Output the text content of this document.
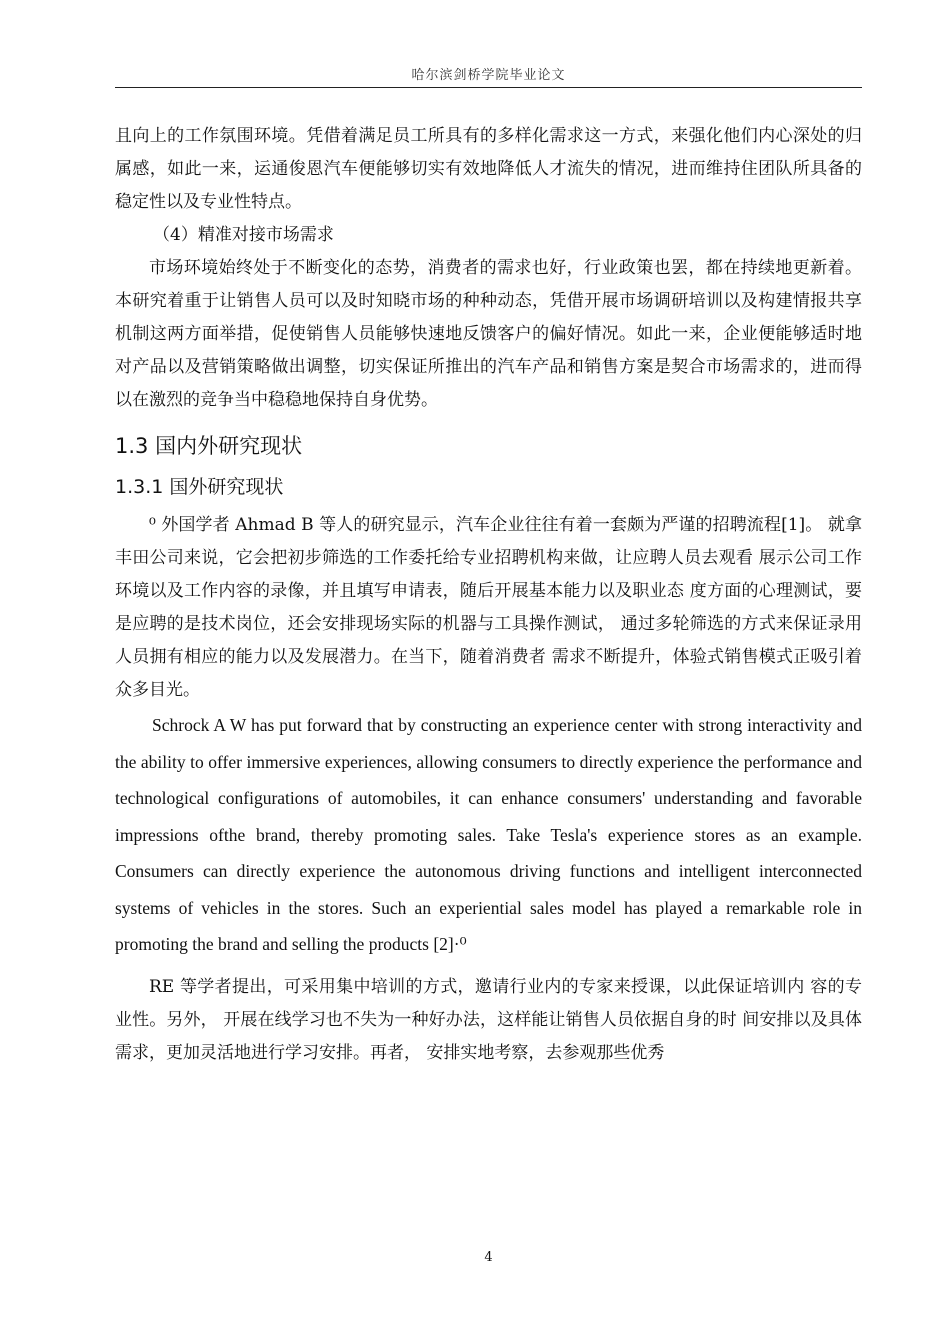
哈尔滨剑桥学院毕业论文

且向上的工作氛围环境。凭借着满足员工所具有的多样化需求这一方式，来强化他们内心深处的归属感，如此一来，运通俊恩汽车便能够切实有效地降低人才流失的情况，进而维持住团队所具备的稳定性以及专业性特点。

（4）精准对接市场需求

市场环境始终处于不断变化的态势，消费者的需求也好，行业政策也罢，都在持续地更新着。本研究着重于让销售人员可以及时知晓市场的种种动态，凭借开展市场调研培训以及构建情报共享机制这两方面举措，促使销售人员能够快速地反馈客户的偏好情况。如此一来，企业便能够适时地对产品以及营销策略做出调整，切实保证所推出的汽车产品和销售方案是契合市场需求的，进而得以在激烈的竞争当中稳稳地保持自身优势。

1.3 国内外研究现状
1.3.1 国外研究现状

⁰ 外国学者 Ahmad B 等人的研究显示，汽车企业往往有着一套颇为严谨的招聘流程[1]。 就拿丰田公司来说，它会把初步筛选的工作委托给专业招聘机构来做，让应聘人员去观看 展示公司工作环境以及工作内容的录像，并且填写申请表，随后开展基本能力以及职业态 度方面的心理测试，要是应聘的是技术岗位，还会安排现场实际的机器与工具操作测试， 通过多轮筛选的方式来保证录用人员拥有相应的能力以及发展潜力。在当下，随着消费者 需求不断提升，体验式销售模式正吸引着众多目光。

Schrock A W has put forward that by constructing an experience center with strong interactivity and the ability to offer immersive experiences, allowing consumers to directly experience the performance and technological configurations of automobiles, it can enhance consumers' understanding and favorable impressions ofthe brand, thereby promoting sales. Take Tesla's experience stores as an example. Consumers can directly experience the autonomous driving functions and intelligent interconnected systems of vehicles in the stores. Such an experiential sales model has played a remarkable role in promoting the brand and selling the products [2]·⁰

RE 等学者提出，可采用集中培训的方式，邀请行业内的专家来授课，以此保证培训内 容的专业性。另外， 开展在线学习也不失为一种好办法，这样能让销售人员依据自身的时 间安排以及具体需求，更加灵活地进行学习安排。再者， 安排实地考察，去参观那些优秀

4
